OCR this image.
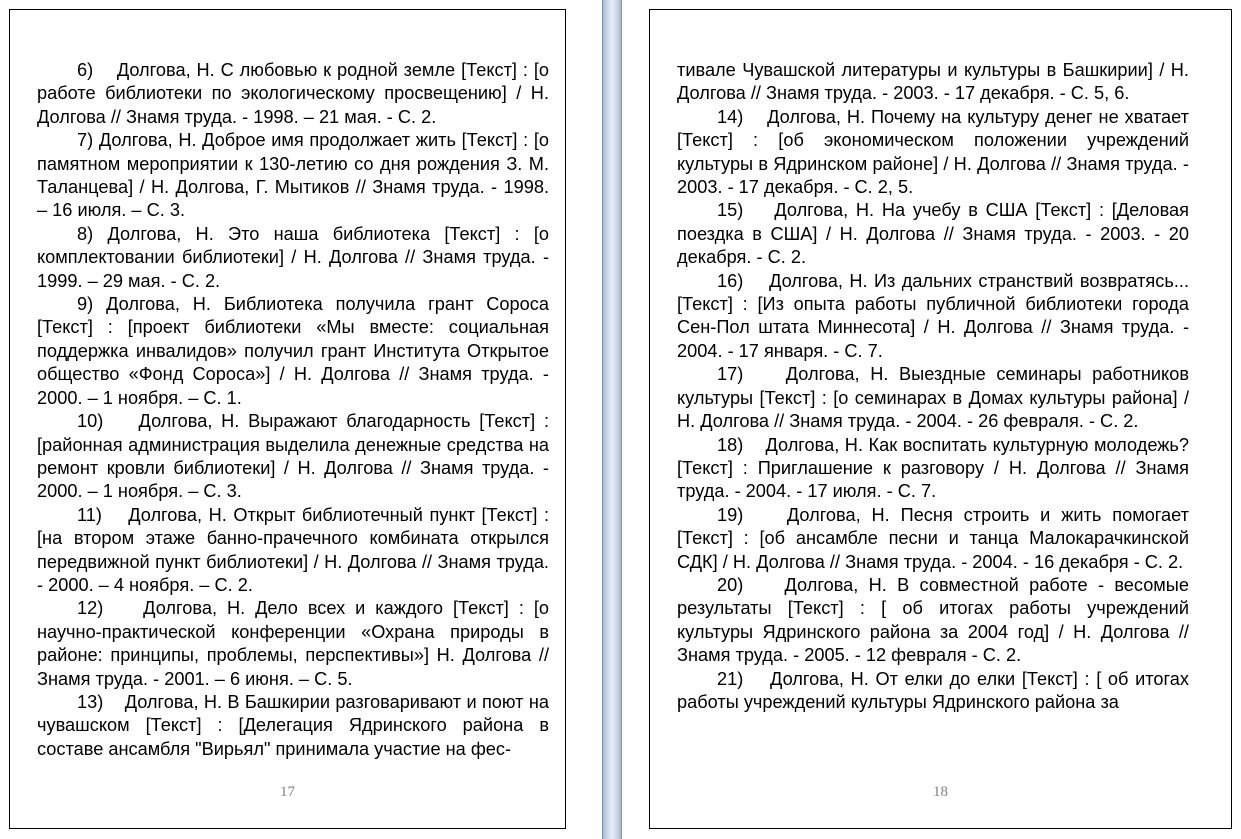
6)    Долгова, Н. С любовью к родной земле [Текст] : [о работе библиотеки по экологическому просвещению] / Н. Долгова // Знамя труда. - 1998. – 21 мая. - С. 2.

7) Долгова, Н. Доброе имя продолжает жить [Текст] : [о памятном мероприятии к 130-летию со дня рождения З. М. Таланцева] / Н. Долгова, Г. Мытиков // Знамя труда. - 1998. – 16 июля. – С. 3.

8) Долгова, Н. Это наша библиотека [Текст] : [о комплектовании библиотеки] / Н. Долгова // Знамя труда. - 1999. – 29 мая. - С. 2.

9) Долгова, Н. Библиотека получила грант Сороса [Текст] : [проект библиотеки «Мы вместе: социальная поддержка инвалидов» получил грант Института Открытое общество «Фонд Сороса»] / Н. Долгова // Знамя труда. - 2000. – 1 ноября. – С. 1.

10)    Долгова, Н. Выражают благодарность [Текст] : [районная администрация выделила денежные средства на ремонт кровли библиотеки] / Н. Долгова // Знамя труда. - 2000. – 1 ноября. – С. 3.

11)    Долгова, Н. Открыт библиотечный пункт [Текст] : [на втором этаже банно-прачечного комбината открылся передвижной пункт библиотеки] / Н. Долгова // Знамя труда. - 2000. – 4 ноября. – С. 2.

12)    Долгова, Н. Дело всех и каждого [Текст] : [о научно-практической конференции «Охрана природы в районе: принципы, проблемы, перспективы»] Н. Долгова // Знамя труда. - 2001. – 6 июня. – С. 5.

13)    Долгова, Н. В Башкирии разговаривают и поют на чувашском [Текст] : [Делегация Ядринского района в составе ансамбля "Вирьял" принимала участие на фес-

17

тивале Чувашской литературы и культуры в Башкирии] / Н. Долгова // Знамя труда. - 2003. - 17 декабря. - С. 5, 6.

14)    Долгова, Н. Почему на культуру денег не хватает [Текст] : [об экономическом положении учреждений культуры в Ядринском районе] / Н. Долгова // Знамя труда. - 2003. - 17 декабря. - С. 2, 5.

15)    Долгова, Н. На учебу в США [Текст] : [Деловая поездка в США] / Н. Долгова // Знамя труда. - 2003. - 20 декабря. - С. 2.

16)    Долгова, Н. Из дальних странствий возвратясь... [Текст] : [Из опыта работы публичной библиотеки города Сен-Пол штата Миннесота] / Н. Долгова // Знамя труда. - 2004. - 17 января. - С. 7.

17)    Долгова, Н. Выездные семинары работников культуры [Текст] : [о семинарах в Домах культуры района] / Н. Долгова // Знамя труда. - 2004. - 26 февраля. - С. 2.

18)    Долгова, Н. Как воспитать культурную молодежь? [Текст] : Приглашение к разговору / Н. Долгова // Знамя труда. - 2004. - 17 июля. - С. 7.

19)    Долгова, Н. Песня строить и жить помогает [Текст] : [об ансамбле песни и танца Малокарачкинской СДК] / Н. Долгова // Знамя труда. - 2004. - 16 декабря - С. 2.

20)    Долгова, Н. В совместной работе - весомые результаты [Текст] : [ об итогах работы учреждений культуры Ядринского района за 2004 год] / Н. Долгова // Знамя труда. - 2005. - 12 февраля - С. 2.

21)    Долгова, Н. От елки до елки [Текст] : [ об итогах работы учреждений культуры Ядринского района за

18
